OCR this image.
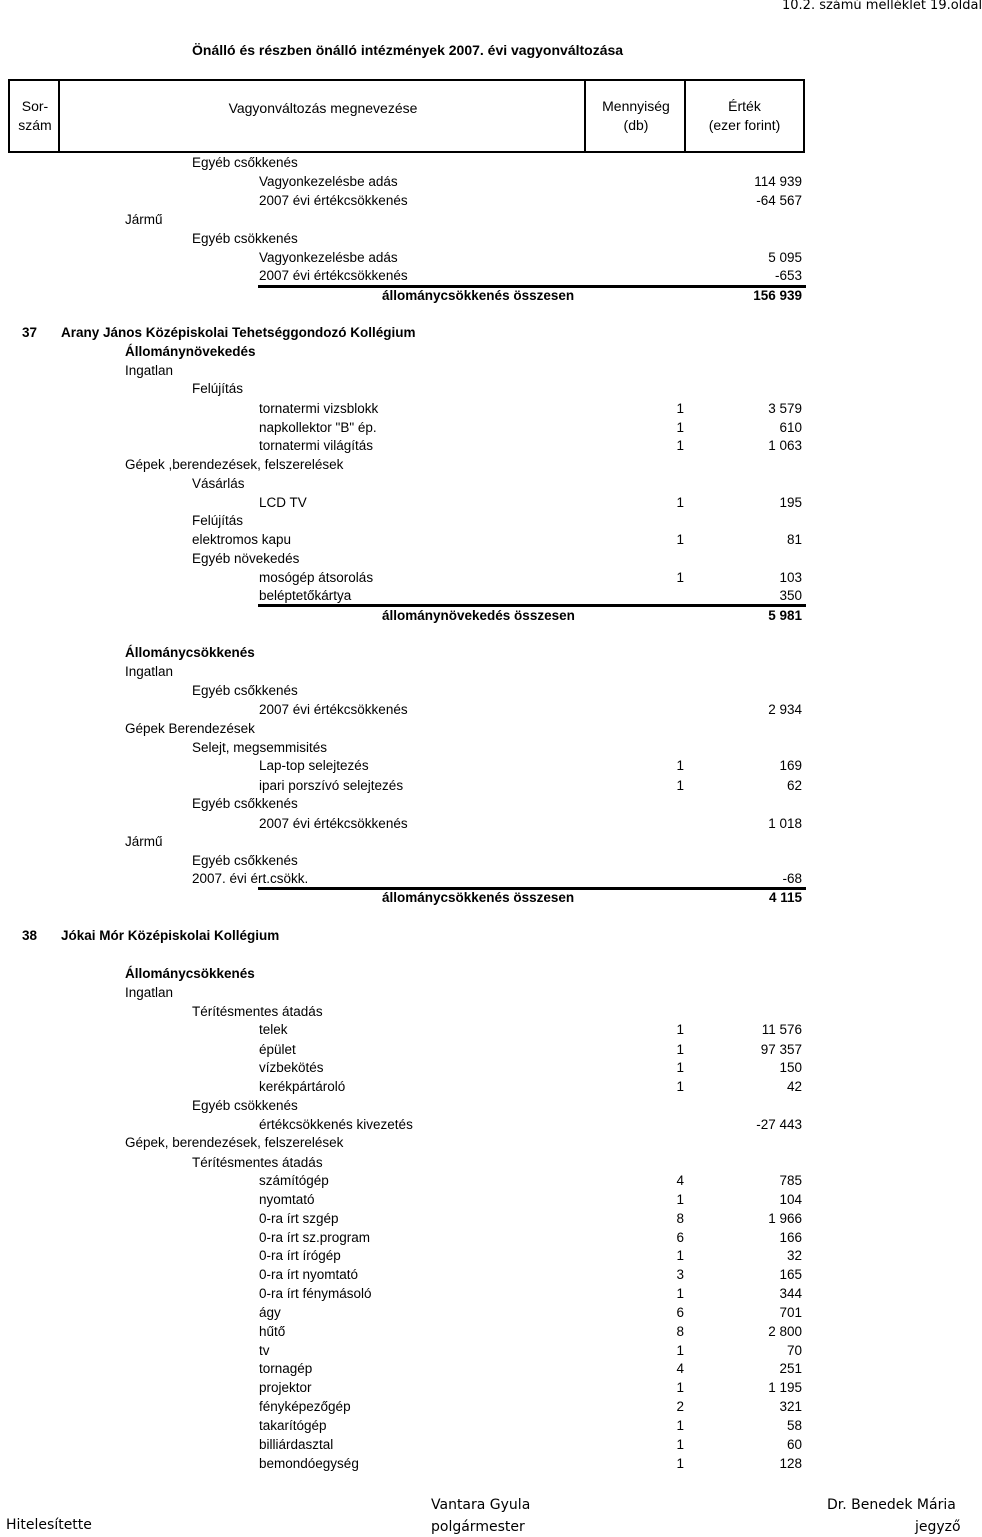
10.2. számú melléklet 19.oldal
Önálló és részben önálló intézmények 2007. évi vagyonváltozása
Sor-
szám
Vagyonváltozás megnevezése	Mennyiség
(db)
Érték
(ezer forint)
Egyéb csőkkenés
Vagyonkezelésbe adás	114 939
2007 évi értékcsökkenés	-64 567
Jármű
Egyéb csökkenés
Vagyonkezelésbe adás	5 095
2007 évi értékcsökkenés	-653
állománycsökkenés összesen	156 939
37 Arany János Középiskolai Tehetséggondozó Kollégium
Állománynövekedés
Ingatlan
Felújítás
tornatermi vizsblokk	1	3 579
napkollektor "B" ép.	1	610
tornatermi világítás	1	1 063
Gépek ,berendezések, felszerelések
Vásárlás
LCD TV	1	195
Felújítás
elektromos kapu	1	81
Egyéb növekedés
mosógép átsorolás	1	103
beléptetőkártya	350
állománynövekedés összesen	5 981
Állománycsökkenés
Ingatlan
Egyéb csőkkenés
2007 évi értékcsökkenés	2 934
Gépek Berendezések
Selejt, megsemmisités
Lap-top selejtezés	1	169
ipari porszívó selejtezés	1	62
Egyéb csőkkenés
2007 évi értékcsökkenés	1 018
Jármű
Egyéb csőkkenés
2007. évi ért.csökk.	-68
állománycsökkenés összesen	4 115
38 Jókai Mór Középiskolai Kollégium
Állománycsökkenés
Ingatlan
Térítésmentes átadás
telek	1	11 576
épület	1	97 357
vízbekötés	1	150
kerékpártároló	1	42
Egyéb csökkenés
értékcsökkenés kivezetés	-27 443
Gépek, berendezések, felszerelések
Térítésmentes átadás
számítógép	4	785
nyomtató	1	104
0-ra írt szgép	8	1 966
0-ra írt sz.program	6	166
0-ra írt írógép	1	32
0-ra írt nyomtató	3	165
0-ra írt fénymásoló	1	344
ágy	6	701
hűtő	8	2 800
tv	1	70
tornagép	4	251
projektor	1	1 195
fényképezőgép	2	321
takarítógép	1	58
billiárdasztal	1	60
bemondóegység	1	128
Hitelesítette
Vantara Gyula
polgármester
Dr. Benedek Mária
jegyző
